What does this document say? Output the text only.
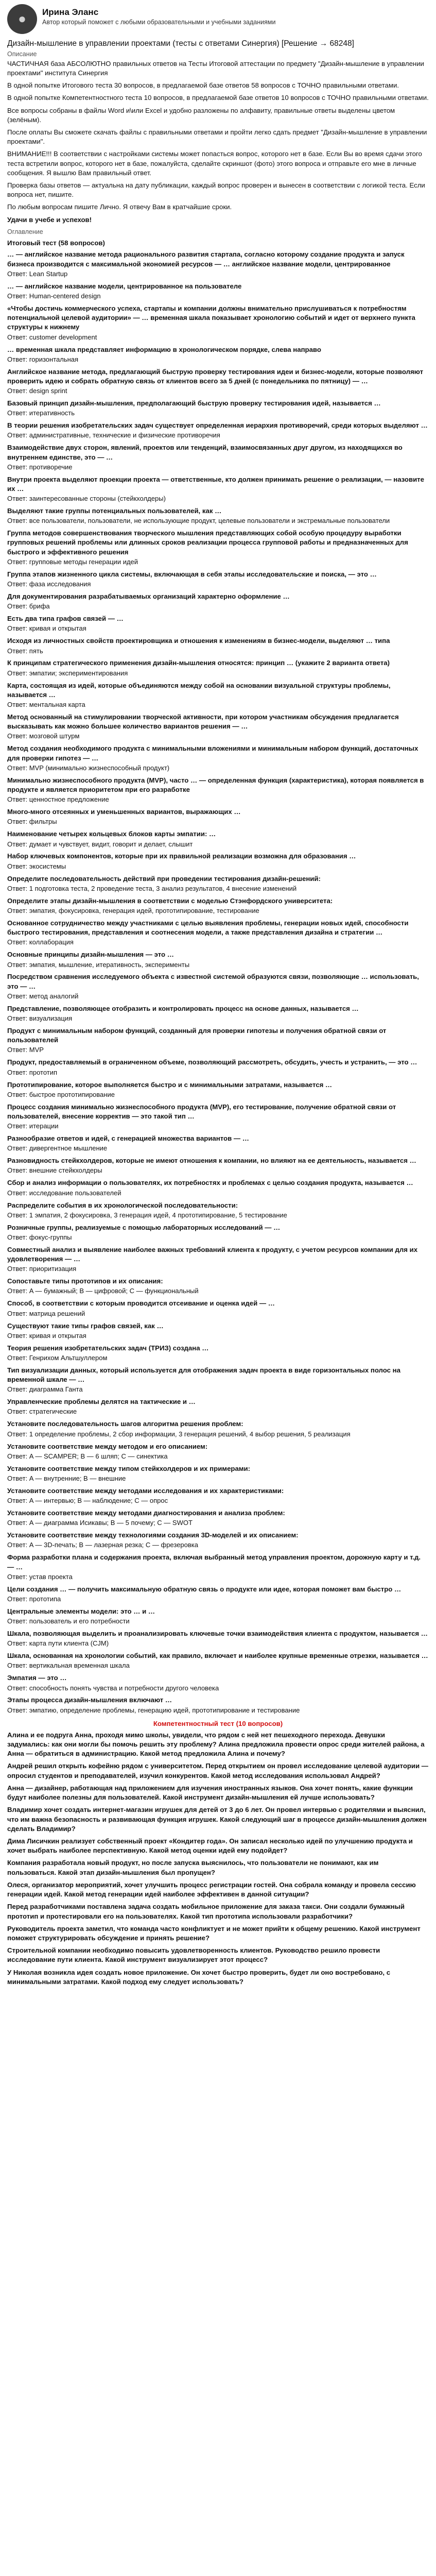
●	Ирина Эланс
Автор который поможет с любыми образовательными и учебными заданиями
Дизайн-мышление в управлении проектами (тесты с ответами Синергия) [Решение → 68248]
Описание

ЧАСТИЧНАЯ база АБСОЛЮТНО правильных ответов на Тесты Итоговой аттестации по предмету "Дизайн-мышление в управлении проектами" института Синергия

В одной попытке Итогового теста 30 вопросов, в предлагаемой базе ответов 58 вопросов с ТОЧНО правильными ответами.

В одной попытке Компетентностного теста 10 вопросов, в предлагаемой базе ответов 10 вопросов с ТОЧНО правильными ответами.

Все вопросы собраны в файлы Word и\или Excel и удобно разложены по алфавиту, правильные ответы выделены цветом (зелёным).

После оплаты Вы сможете скачать файлы с правильными ответами и пройти легко сдать предмет "Дизайн-мышление в управлении проектами".

ВНИМАНИЕ!!! В соответствии с настройками системы может попасться вопрос, которого нет в базе. Если Вы во время сдачи этого теста встретили вопрос, которого нет в базе, пожалуйста, сделайте скриншот (фото) этого вопроса и отправьте его мне в личные сообщения. Я вышлю Вам правильный ответ.

Проверка базы ответов — актуальна на дату публикации, каждый вопрос проверен и вынесен в соответствии с логикой теста. Если вопроса нет, пишите.

По любым вопросам пишите Лично. Я отвечу Вам в кратчайшие сроки.

Удачи в учебе и успехов!

Оглавление
Итоговый тест (58 вопросов)
… — английское название метода рационального развития стартапа, согласно которому создание продукта и запуск бизнеса производится с максимальной экономией ресурсов — … английское название модели, центрированное
Ответ: Lean Startup
… — английское название модели, центрированное на пользователе
Ответ: Human-centered design
«Чтобы достичь коммерческого успеха, стартапы и компании должны внимательно прислушиваться к потребностям потенциальной целевой аудитории» — … временная шкала показывает хронологию событий и идет от верхнего пункта структуры к нижнему
Ответ: customer development
… временная шкала представляет информацию в хронологическом порядке, слева направо
Ответ: горизонтальная
Английское название метода, предлагающий быструю проверку тестирования идеи и бизнес-модели, которые позволяют проверить идею и собрать обратную связь от клиентов всего за 5 дней (с понедельника по пятницу) — …
Ответ: design sprint
Базовый принцип дизайн-мышления, предполагающий быструю проверку тестирования идей, называется …
Ответ: итеративность
В теории решения изобретательских задач существует определенная иерархия противоречий, среди которых выделяют …
Ответ: административные, технические и физические противоречия
Взаимодействие двух сторон, явлений, проектов или тенденций, взаимосвязанных друг другом, из находящихся во внутреннем единстве, это — …
Ответ: противоречие
Внутри проекта выделяют проекции проекта — ответственные, кто должен принимать решение о реализации, — назовите их …
Ответ: заинтересованные стороны (стейкхолдеры)
Выделяют такие группы потенциальных пользователей, как …
Ответ: все пользователи, пользователи, не использующие продукт, целевые пользователи и экстремальные пользователи
Группа методов совершенствования творческого мышления представляющих собой особую процедуру выработки групповых решений проблемы или длинных сроков реализации процесса групповой работы и предназначенных для быстрого и эффективного решения
Ответ: групповые методы генерации идей
Группа этапов жизненного цикла системы, включающая в себя этапы исследовательские и поиска, — это …
Ответ: фаза исследования
Для документирования разрабатываемых организаций характерно оформление …
Ответ: брифа
Есть два типа графов связей — …
Ответ: кривая и открытая
Исходя из личностных свойств проектировщика и отношения к изменениям в бизнес-модели, выделяют … типа
Ответ: пять
К принципам стратегического применения дизайн-мышления относятся: принцип … (укажите 2 варианта ответа)
Ответ: эмпатии; экспериментирования
Карта, состоящая из идей, которые объединяются между собой на основании визуальной структуры проблемы, называется …
Ответ: ментальная карта
Метод основанный на стимулировании творческой активности, при котором участникам обсуждения предлагается высказывать как можно большее количество вариантов решения — …
Ответ: мозговой штурм
Метод создания необходимого продукта с минимальными вложениями и минимальным набором функций, достаточных для проверки гипотез — …
Ответ: MVP (минимально жизнеспособный продукт)
Минимально жизнеспособного продукта (MVP), часто … — определенная функция (характеристика), которая появляется в продукте и является приоритетом при его разработке
Ответ: ценностное предложение
Много-много отсеянных и уменьшенных вариантов, выражающих …
Ответ: фильтры
Наименование четырех кольцевых блоков карты эмпатии: …
Ответ: думает и чувствует, видит, говорит и делает, слышит
Набор ключевых компонентов, которые при их правильной реализации возможна для образования …
Ответ: экосистемы
Определите последовательность действий при проведении тестирования дизайн-решений:
Ответ: 1 подготовка теста, 2 проведение теста, 3 анализ результатов, 4 внесение изменений
Определите этапы дизайн-мышления в соответствии с моделью Стэнфордского университета:
Ответ: эмпатия, фокусировка, генерация идей, прототипирование, тестирование
Основанное сотрудничество между участниками с целью выявления проблемы, генерации новых идей, способности быстрого тестирования, представления и соотнесения модели, а также представления дизайна и стратегии …
Ответ: коллаборация
Основные принципы дизайн-мышления — это …
Ответ: эмпатия, мышление, итеративность, эксперименты
Посредством сравнения исследуемого объекта с известной системой образуются связи, позволяющие … использовать, это — …
Ответ: метод аналогий
Представление, позволяющее отобразить и контролировать процесс на основе данных, называется …
Ответ: визуализация
Продукт с минимальным набором функций, созданный для проверки гипотезы и получения обратной связи от пользователей
Ответ: MVP
Продукт, предоставляемый в ограниченном объеме, позволяющий рассмотреть, обсудить, учесть и устранить, — это …
Ответ: прототип
Прототипирование, которое выполняется быстро и с минимальными затратами, называется …
Ответ: быстрое прототипирование
Процесс создания минимально жизнеспособного продукта (MVP), его тестирование, получение обратной связи от пользователей, внесение корректив — это такой тип …
Ответ: итерации
Разнообразие ответов и идей, с генерацией множества вариантов — …
Ответ: дивергентное мышление
Разновидность стейкхолдеров, которые не имеют отношения к компании, но влияют на ее деятельность, называется …
Ответ: внешние стейкхолдеры
Сбор и анализ информации о пользователях, их потребностях и проблемах с целью создания продукта, называется …
Ответ: исследование пользователей
Распределите события в их хронологической последовательности:
Ответ: 1 эмпатия, 2 фокусировка, 3 генерация идей, 4 прототипирование, 5 тестирование
Розничные группы, реализуемые с помощью лабораторных исследований — …
Ответ: фокус-группы
Совместный анализ и выявление наиболее важных требований клиента к продукту, с учетом ресурсов компании для их удовлетворения — …
Ответ: приоритизация
Сопоставьте типы прототипов и их описания:
Ответ: A — бумажный; B — цифровой; C — функциональный
Способ, в соответствии с которым проводится отсеивание и оценка идей — …
Ответ: матрица решений
Существуют такие типы графов связей, как …
Ответ: кривая и открытая
Теория решения изобретательских задач (ТРИЗ) создана …
Ответ: Генрихом Альтшуллером
Тип визуализации данных, который используется для отображения задач проекта в виде горизонтальных полос на временной шкале — …
Ответ: диаграмма Ганта
Управленческие проблемы делятся на тактические и …
Ответ: стратегические
Установите последовательность шагов алгоритма решения проблем:
Ответ: 1 определение проблемы, 2 сбор информации, 3 генерация решений, 4 выбор решения, 5 реализация
Установите соответствие между методом и его описанием:
Ответ: A — SCAMPER; B — 6 шляп; C — синектика
Установите соответствие между типом стейкхолдеров и их примерами:
Ответ: A — внутренние; B — внешние
Установите соответствие между методами исследования и их характеристиками:
Ответ: A — интервью; B — наблюдение; C — опрос
Установите соответствие между методами диагностирования и анализа проблем:
Ответ: A — диаграмма Исикавы; B — 5 почему; C — SWOT
Установите соответствие между технологиями создания 3D-моделей и их описанием:
Ответ: A — 3D-печать; B — лазерная резка; C — фрезеровка
Форма разработки плана и содержания проекта, включая выбранный метод управления проектом, дорожную карту и т.д. — …
Ответ: устав проекта
Цели создания … — получить максимальную обратную связь о продукте или идее, которая поможет вам быстро …
Ответ: прототипа
Центральные элементы модели: это … и …
Ответ: пользователь и его потребности
Шкала, позволяющая выделить и проанализировать ключевые точки взаимодействия клиента с продуктом, называется …
Ответ: карта пути клиента (CJM)
Шкала, основанная на хронологии событий, как правило, включает и наиболее крупные временные отрезки, называется …
Ответ: вертикальная временная шкала
Эмпатия — это …
Ответ: способность понять чувства и потребности другого человека
Этапы процесса дизайн-мышления включают …
Ответ: эмпатию, определение проблемы, генерацию идей, прототипирование и тестирование
Компетентностный тест (10 вопросов)

Алина и ее подруга Анна, проходя мимо школы, увидели, что рядом с ней нет пешеходного перехода. Девушки задумались: как они могли бы помочь решить эту проблему? Алина предложила провести опрос среди жителей района, а Анна — обратиться в администрацию. Какой метод предложила Алина и почему?

Андрей решил открыть кофейню рядом с университетом. Перед открытием он провел исследование целевой аудитории — опросил студентов и преподавателей, изучил конкурентов. Какой метод исследования использовал Андрей?

Анна — дизайнер, работающая над приложением для изучения иностранных языков. Она хочет понять, какие функции будут наиболее полезны для пользователей. Какой инструмент дизайн-мышления ей лучше использовать?

Владимир хочет создать интернет-магазин игрушек для детей от 3 до 6 лет. Он провел интервью с родителями и выяснил, что им важна безопасность и развивающая функция игрушек. Какой следующий шаг в процессе дизайн-мышления должен сделать Владимир?

Дима Лисичкин реализует собственный проект «Кондитер года». Он записал несколько идей по улучшению продукта и хочет выбрать наиболее перспективную. Какой метод оценки идей ему подойдет?

Компания разработала новый продукт, но после запуска выяснилось, что пользователи не понимают, как им пользоваться. Какой этап дизайн-мышления был пропущен?

Олеся, организатор мероприятий, хочет улучшить процесс регистрации гостей. Она собрала команду и провела сессию генерации идей. Какой метод генерации идей наиболее эффективен в данной ситуации?

Перед разработчиками поставлена задача создать мобильное приложение для заказа такси. Они создали бумажный прототип и протестировали его на пользователях. Какой тип прототипа использовали разработчики?

Руководитель проекта заметил, что команда часто конфликтует и не может прийти к общему решению. Какой инструмент поможет структурировать обсуждение и принять решение?

Строительной компании необходимо повысить удовлетворенность клиентов. Руководство решило провести исследование пути клиента. Какой инструмент визуализирует этот процесс?

У Николая возникла идея создать новое приложение. Он хочет быстро проверить, будет ли оно востребовано, с минимальными затратами. Какой подход ему следует использовать?
